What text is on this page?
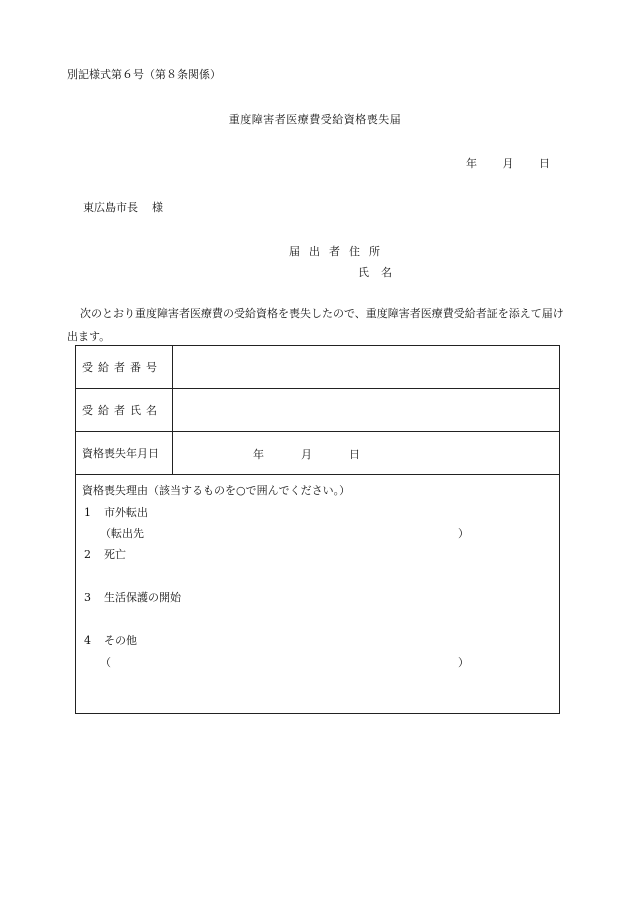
別記様式第６号（第８条関係）
重度障害者医療費受給資格喪失届
年 月 日
東広島市長 様
届出者住所
氏名
次のとおり重度障害者医療費の受給資格を喪失したので、重度障害者医療費受給者証を添えて届け出ます。
受給者番号
受給者氏名
資格喪失年月日	年	月	日
資格喪失理由（該当するものを○で囲んでください。）
1 市外転出
（転出先	）
2 死亡
3 生活保護の開始
4 その他
（	）
